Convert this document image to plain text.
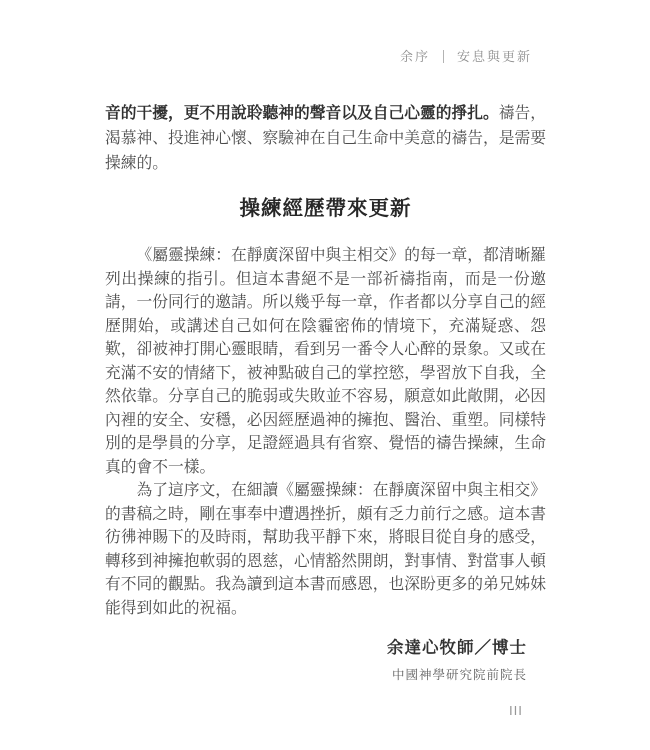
余序 安息與更新

音的干擾，更不用說聆聽神的聲音以及自己心靈的掙扎。禱告，渴慕神、投進神心懷、察驗神在自己生命中美意的禱告，是需要操練的。

操練經歷帶來更新

《屬靈操練：在靜廣深留中與主相交》的每一章，都清晰羅列出操練的指引。但這本書絕不是一部祈禱指南，而是一份邀請，一份同行的邀請。所以幾乎每一章，作者都以分享自己的經歷開始，或講述自己如何在陰霾密佈的情境下，充滿疑惑、怨歎，卻被神打開心靈眼睛，看到另一番令人心醉的景象。又或在充滿不安的情緒下，被神點破自己的掌控慾，學習放下自我，全然依靠。分享自己的脆弱或失敗並不容易，願意如此敞開，必因內裡的安全、安穩，必因經歷過神的擁抱、醫治、重塑。同樣特別的是學員的分享，足證經過具有省察、覺悟的禱告操練，生命真的會不一樣。

為了這序文，在細讀《屬靈操練：在靜廣深留中與主相交》的書稿之時，剛在事奉中遭遇挫折，頗有乏力前行之感。這本書彷彿神賜下的及時雨，幫助我平靜下來，將眼目從自身的感受，轉移到神擁抱軟弱的恩慈，心情豁然開朗，對事情、對當事人頓有不同的觀點。我為讀到這本書而感恩，也深盼更多的弟兄姊妹能得到如此的祝福。

余達心牧師／博士
中國神學研究院前院長
III
